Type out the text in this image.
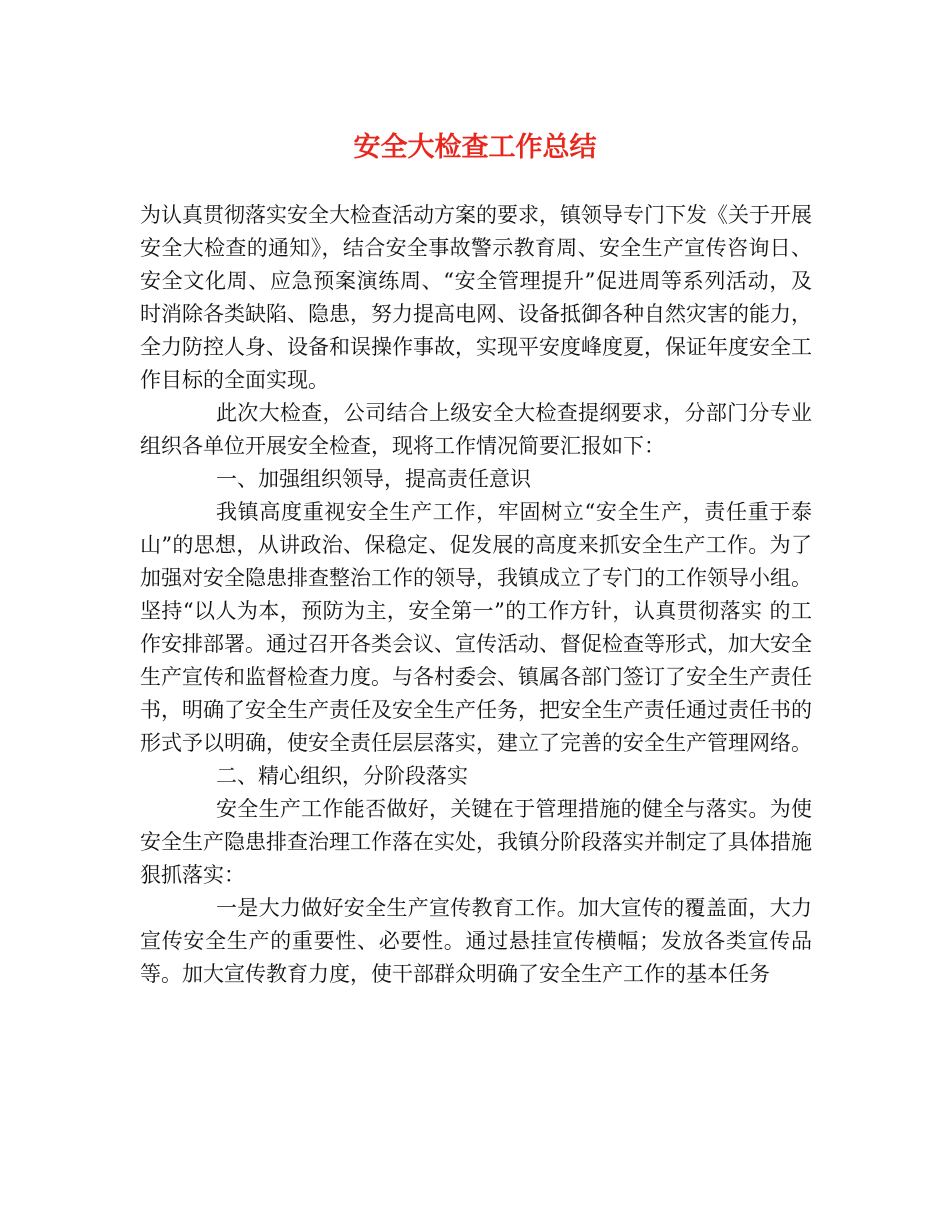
安全大检查工作总结

为认真贯彻落实安全大检查活动方案的要求，镇领导专门下发《关于开展安全大检查的通知》，结合安全事故警示教育周、安全生产宣传咨询日、安全文化周、应急预案演练周、“安全管理提升”促进周等系列活动，及时消除各类缺陷、隐患，努力提高电网、设备抵御各种自然灾害的能力，全力防控人身、设备和误操作事故，实现平安度峰度夏，保证年度安全工作目标的全面实现。

此次大检查，公司结合上级安全大检查提纲要求，分部门分专业组织各单位开展安全检查，现将工作情况简要汇报如下：

一、加强组织领导，提高责任意识

我镇高度重视安全生产工作，牢固树立“安全生产，责任重于泰山”的思想，从讲政治、保稳定、促发展的高度来抓安全生产工作。为了加强对安全隐患排查整治工作的领导，我镇成立了专门的工作领导小组。坚持“以人为本，预防为主，安全第一”的工作方针，认真贯彻落实 的工作安排部署。通过召开各类会议、宣传活动、督促检查等形式，加大安全生产宣传和监督检查力度。与各村委会、镇属各部门签订了安全生产责任书，明确了安全生产责任及安全生产任务，把安全生产责任通过责任书的形式予以明确，使安全责任层层落实，建立了完善的安全生产管理网络。

二、精心组织，分阶段落实

安全生产工作能否做好，关键在于管理措施的健全与落实。为使安全生产隐患排查治理工作落在实处，我镇分阶段落实并制定了具体措施狠抓落实：

一是大力做好安全生产宣传教育工作。加大宣传的覆盖面，大力宣传安全生产的重要性、必要性。通过悬挂宣传横幅；发放各类宣传品等。加大宣传教育力度，使干部群众明确了安全生产工作的基本任务
